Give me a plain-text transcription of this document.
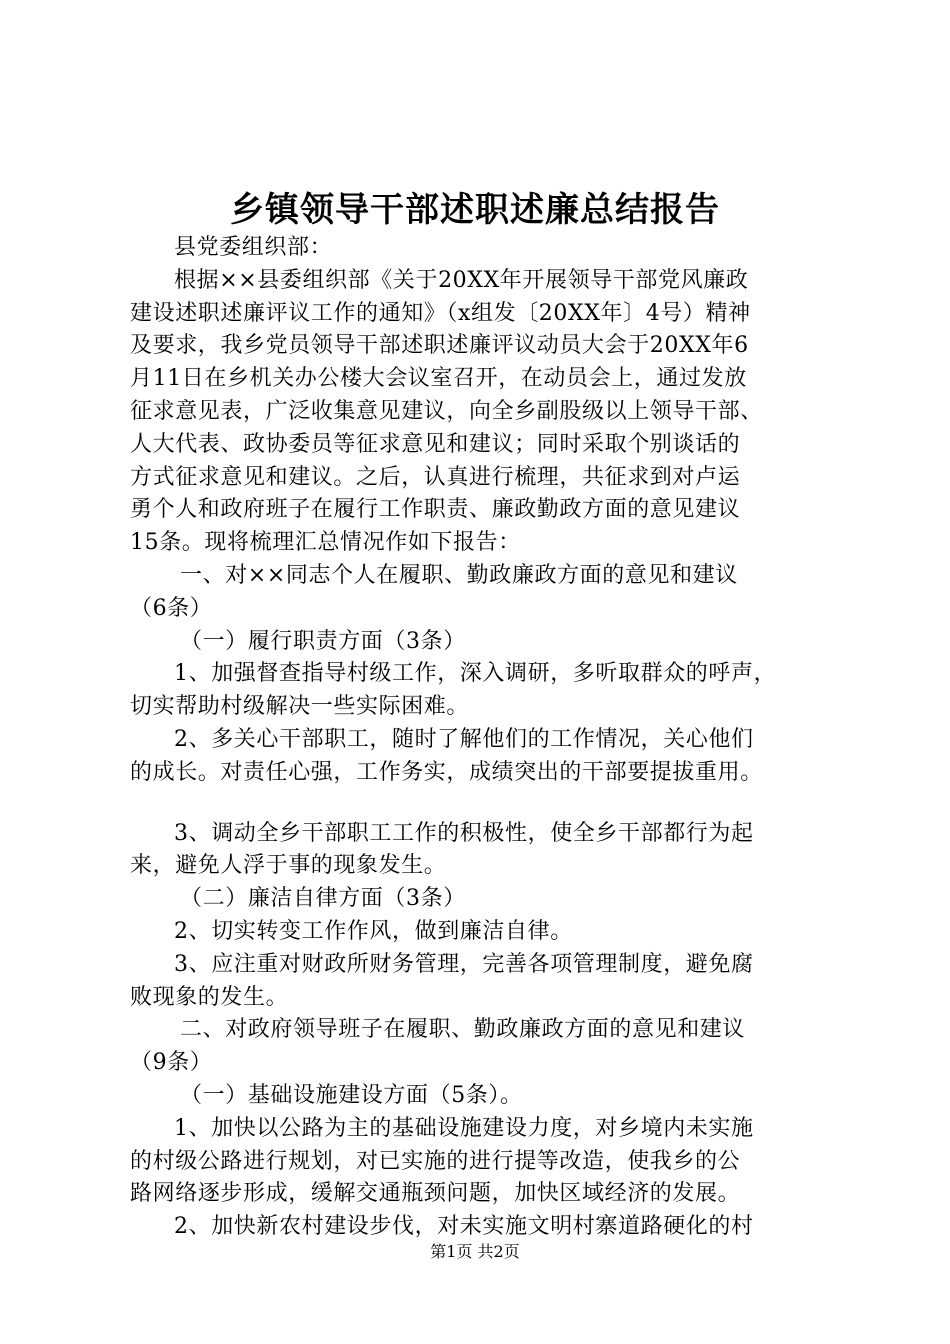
乡镇领导干部述职述廉总结报告
县党委组织部：
根据××县委组织部《关于20XX年开展领导干部党风廉政
建设述职述廉评议工作的通知》（x组发〔20XX年〕4号）精神
及要求，我乡党员领导干部述职述廉评议动员大会于20XX年6
月11日在乡机关办公楼大会议室召开，在动员会上，通过发放
征求意见表，广泛收集意见建议，向全乡副股级以上领导干部、
人大代表、政协委员等征求意见和建议；同时采取个别谈话的
方式征求意见和建议。之后，认真进行梳理，共征求到对卢运
勇个人和政府班子在履行工作职责、廉政勤政方面的意见建议
15条。现将梳理汇总情况作如下报告：
一、对××同志个人在履职、勤政廉政方面的意见和建议
（6条）
（一）履行职责方面（3条）
1、加强督查指导村级工作，深入调研，多听取群众的呼声，
切实帮助村级解决一些实际困难。
2、多关心干部职工，随时了解他们的工作情况，关心他们
的成长。对责任心强，工作务实，成绩突出的干部要提拔重用。
3、调动全乡干部职工工作的积极性，使全乡干部都行为起
来，避免人浮于事的现象发生。
（二）廉洁自律方面（3条）
2、切实转变工作作风，做到廉洁自律。
3、应注重对财政所财务管理，完善各项管理制度，避免腐
败现象的发生。
二、对政府领导班子在履职、勤政廉政方面的意见和建议
（9条）
（一）基础设施建设方面（5条）。
1、加快以公路为主的基础设施建设力度，对乡境内未实施
的村级公路进行规划，对已实施的进行提等改造，使我乡的公
路网络逐步形成，缓解交通瓶颈问题，加快区域经济的发展。
2、加快新农村建设步伐，对未实施文明村寨道路硬化的村
第1页 共2页
